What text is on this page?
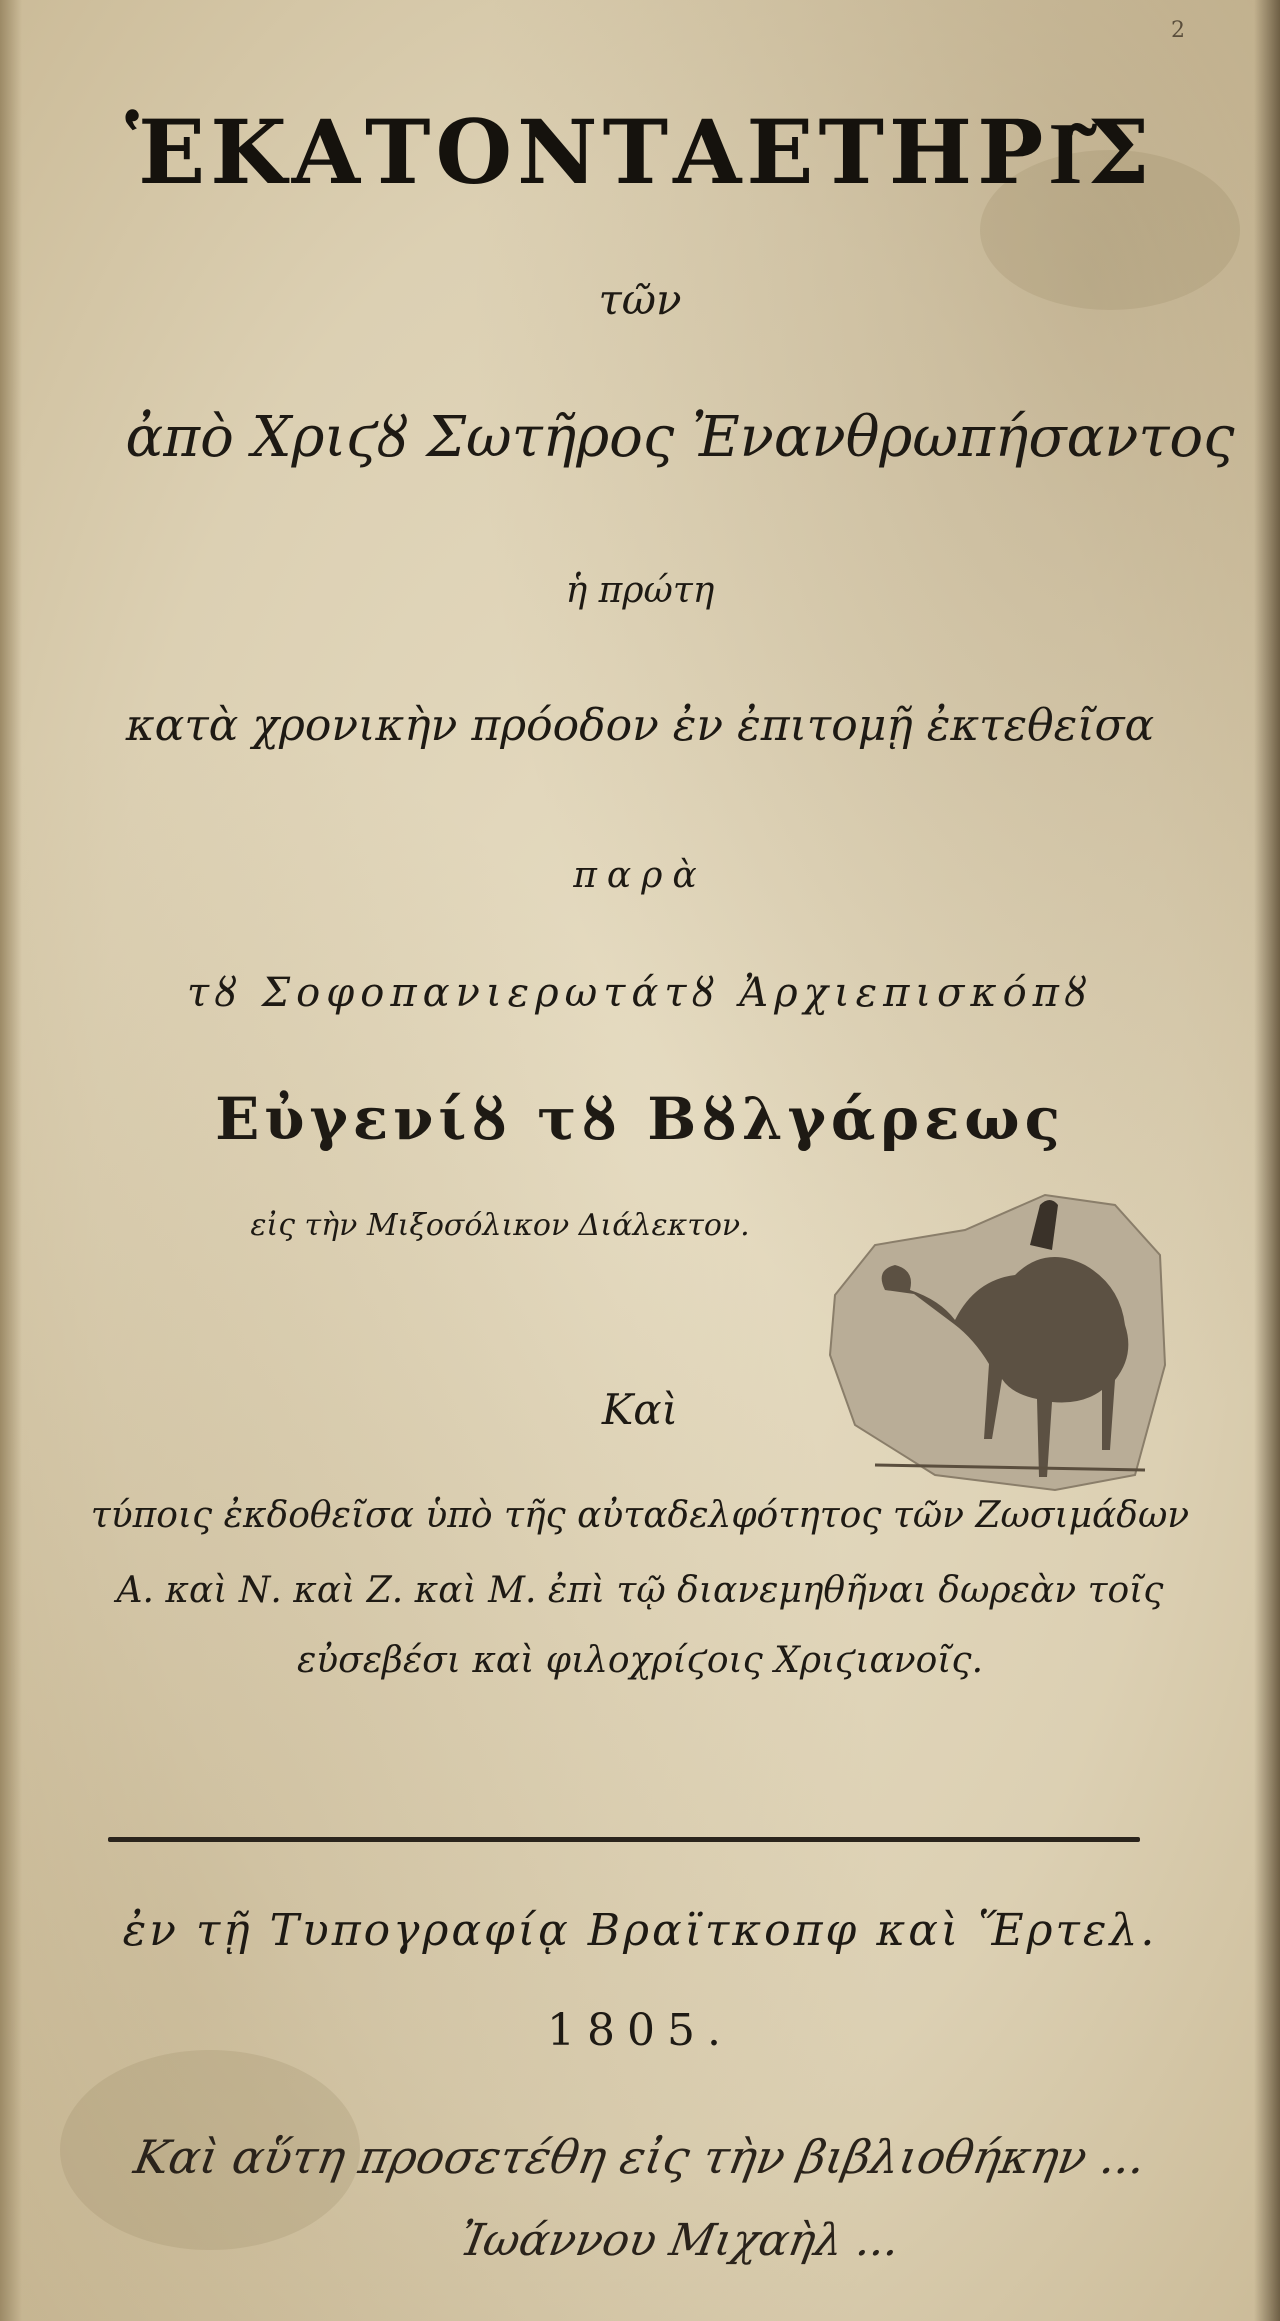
2
ἙΚΑΤΟΝΤΑΕΤΗΡΙ͂Σ
τῶν
ἀπὸ Χριϛȣ Σωτῆρος Ἐνανθρωπήσαντος
ἡ πρώτη
κατὰ χρονικὴν πρόοδον ἐν ἐπιτομῇ ἐκτεθεῖσα
παρὰ
τȣ Σοφοπανιερωτάτȣ Ἀρχιεπισκόπȣ
Εὐγενίȣ τȣ Βȣλγάρεως
εἰς τὴν Μιξοσόλικον Διάλεκτον.
Καὶ
τύποις ἐκδοθεῖσα ὑπὸ τῆς αὐταδελφότητος τῶν Ζωσιμάδων
Α. καὶ Ν. καὶ Ζ. καὶ Μ. ἐπὶ τῷ διανεμηθῆναι δωρεὰν τοῖς
εὐσεβέσι καὶ φιλοχρίϛοις Χριϛιανοῖς.
ἐν τῇ Τυπογραφίᾳ Βραϊτκοπφ καὶ Ἕρτελ.
1805.
Καὶ αὕτη προσετέθη εἰς τὴν βιβλιοθήκην ...
Ἰωάννου Μιχαὴλ ...
